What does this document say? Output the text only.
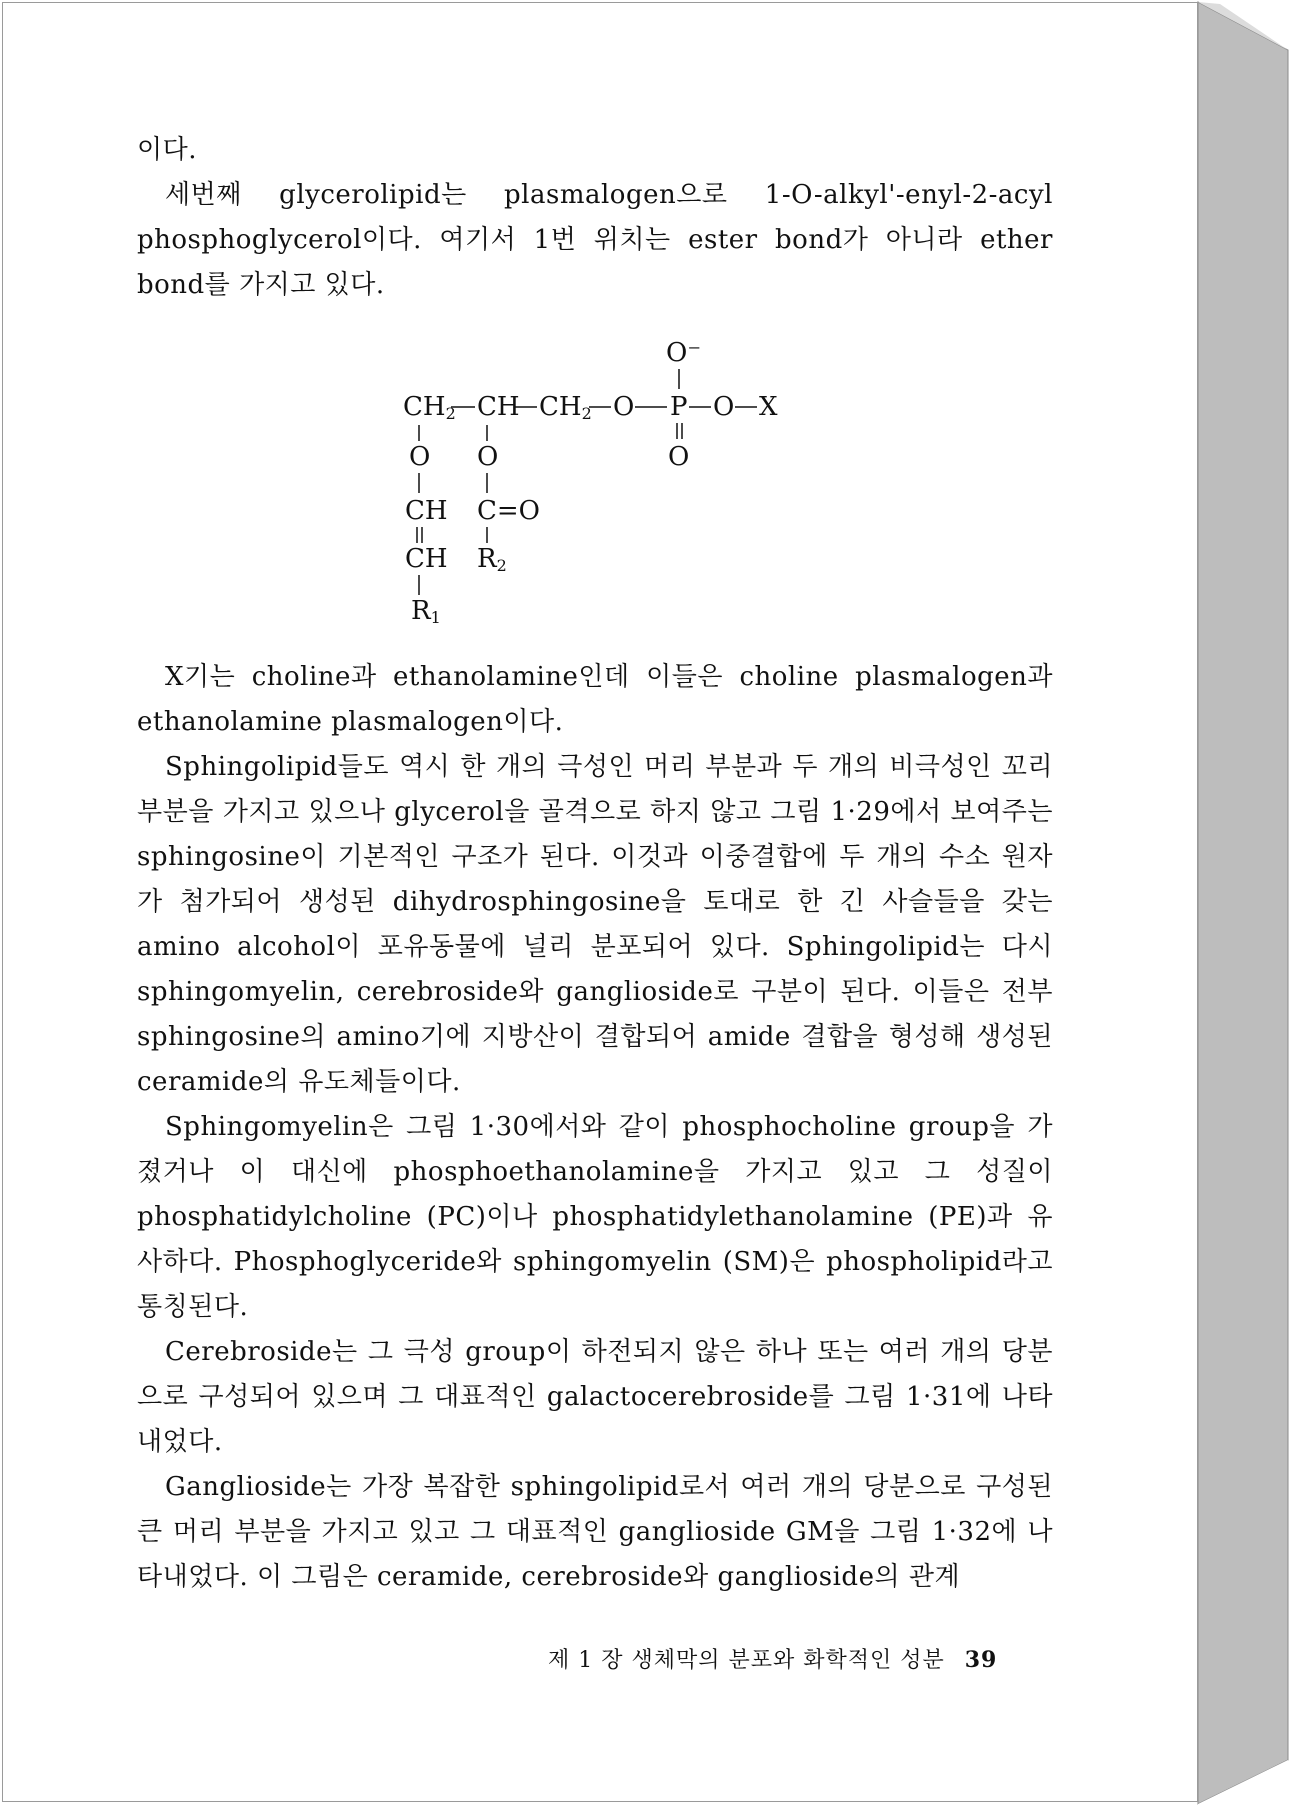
이다.

세번째 glycerolipid는 plasmalogen으로 1-O-alkyl'-enyl-2-acyl phosphoglycerol이다. 여기서 1번 위치는 ester bond가 아니라 ether bond를 가지고 있다.

O⁻
CH2 CH CH2 O P O X
O O	O
CH C=O
CH R2
R1

X기는 choline과 ethanolamine인데 이들은 choline plasmalogen과 ethanolamine plasmalogen이다.

Sphingolipid들도 역시 한 개의 극성인 머리 부분과 두 개의 비극성인 꼬리 부분을 가지고 있으나 glycerol을 골격으로 하지 않고 그림 1·29에서 보여주는 sphingosine이 기본적인 구조가 된다. 이것과 이중결합에 두 개의 수소 원자가 첨가되어 생성된 dihydrosphingosine을 토대로 한 긴 사슬들을 갖는 amino alcohol이 포유동물에 널리 분포되어 있다. Sphingolipid는 다시 sphingomyelin, cerebroside와 ganglioside로 구분이 된다. 이들은 전부 sphingosine의 amino기에 지방산이 결합되어 amide 결합을 형성해 생성된 ceramide의 유도체들이다.

Sphingomyelin은 그림 1·30에서와 같이 phosphocholine group을 가졌거나 이 대신에 phosphoethanolamine을 가지고 있고 그 성질이 phosphatidylcholine (PC)이나 phosphatidylethanolamine (PE)과 유사하다. Phosphoglyceride와 sphingomyelin (SM)은 phospholipid라고 통칭된다.

Cerebroside는 그 극성 group이 하전되지 않은 하나 또는 여러 개의 당분으로 구성되어 있으며 그 대표적인 galactocerebroside를 그림 1·31에 나타내었다.

Ganglioside는 가장 복잡한 sphingolipid로서 여러 개의 당분으로 구성된 큰 머리 부분을 가지고 있고 그 대표적인 ganglioside GM을 그림 1·32에 나타내었다. 이 그림은 ceramide, cerebroside와 ganglioside의 관계

제 1 장 생체막의 분포와 화학적인 성분 39
